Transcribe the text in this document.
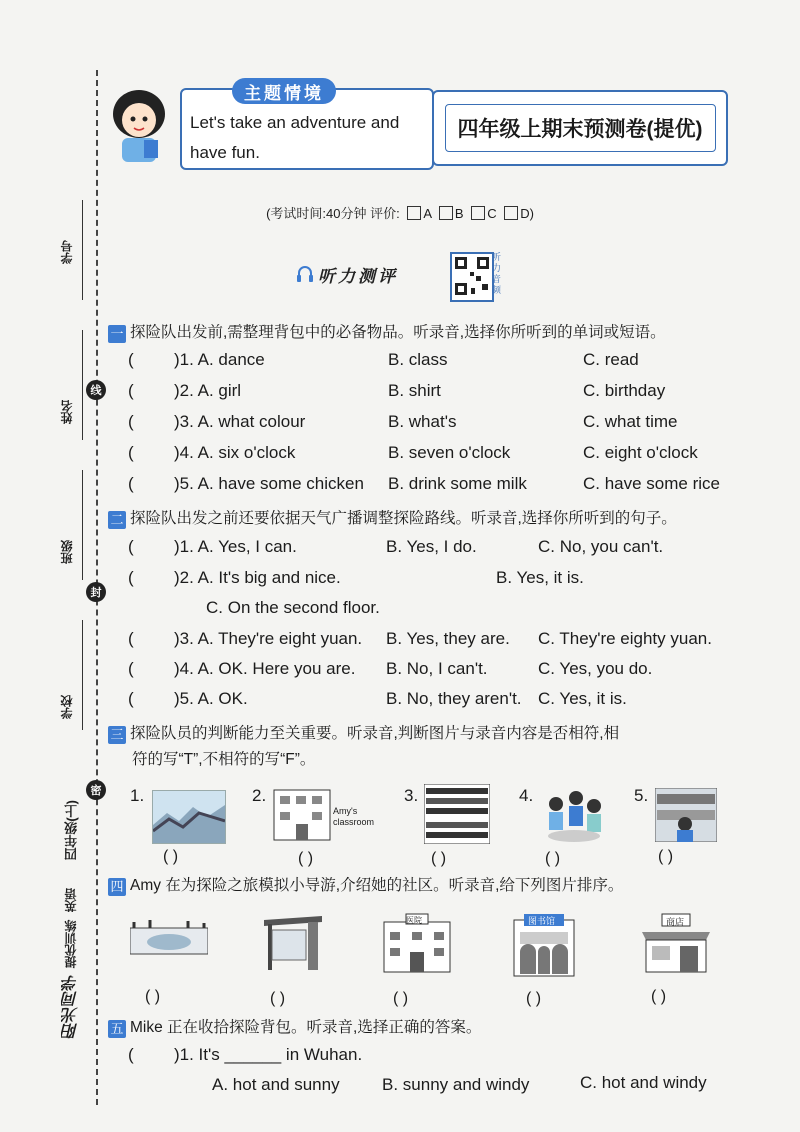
学号
姓名
线
班级
封
学校
密
四年级(上)
英语
提优训练
阳光同学
主题情境
Let's take an adventure and have fun.
四年级上期末预测卷(提优)
(考试时间:40分钟 评价: A B C D)
听力测评
听力音频
一 探险队出发前,需整理背包中的必备物品。听录音,选择你所听到的单词或短语。
( )1. A. dance	B. class	C. read
( )2. A. girl	B. shirt	C. birthday
( )3. A. what colour	B. what's	C. what time
( )4. A. six o'clock	B. seven o'clock	C. eight o'clock
( )5. A. have some chicken B. drink some milk	C. have some rice
二 探险队出发之前还要依据天气广播调整探险路线。听录音,选择你所听到的句子。
( )1. A. Yes, I can.	B. Yes, I do.	C. No, you can't.
( )2. A. It's big and nice.	B. Yes, it is.
C. On the second floor.
( )3. A. They're eight yuan. B. Yes, they are. C. They're eighty yuan.
( )4. A. OK. Here you are. B. No, I can't.	C. Yes, you do.
( )5. A. OK.	B. No, they aren't. C. Yes, it is.
三 探险队员的判断能力至关重要。听录音,判断图片与录音内容是否相符,相
符的写“T”,不相符的写“F”。
1.	2.
Amy's classroom
3.	4.	5.
( )	( )	( )	( )	( )
四 Amy 在为探险之旅模拟小导游,介绍她的社区。听录音,给下列图片排序。
医院	图书馆	商店
( )	( )	( )	( )	( )
五 Mike 正在收拾探险背包。听录音,选择正确的答案。
( )1. It's ______ in Wuhan.
A. hot and sunny B. sunny and windy	C. hot and windy
